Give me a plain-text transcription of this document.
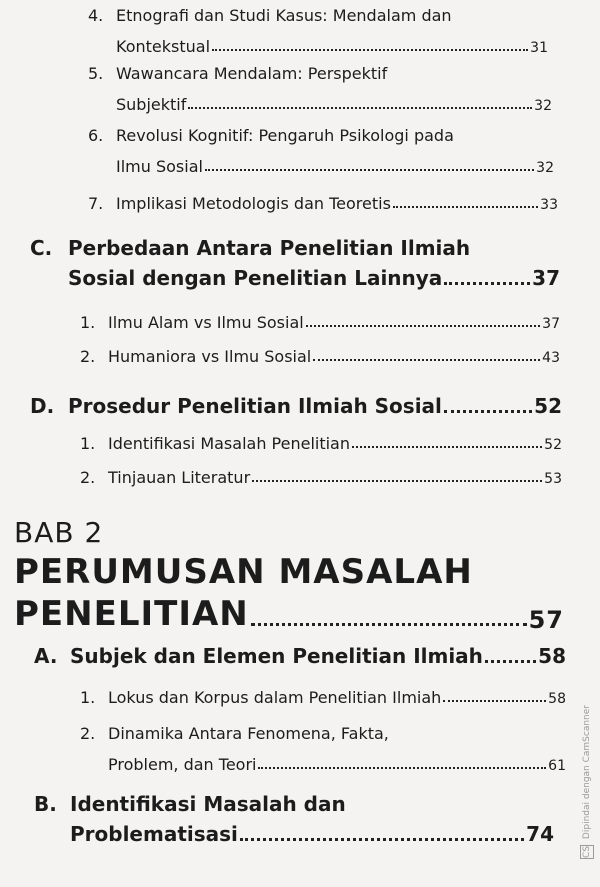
4. Etnografi dan Studi Kasus: Mendalam dan
Kontekstual	31
5. Wawancara Mendalam: Perspektif
Subjektif	32
6. Revolusi Kognitif: Pengaruh Psikologi pada
Ilmu Sosial	32
7. Implikasi Metodologis dan Teoretis	33
C. Perbedaan Antara Penelitian Ilmiah
Sosial dengan Penelitian Lainnya	37
1. Ilmu Alam vs Ilmu Sosial	37
2. Humaniora vs Ilmu Sosial	43
D. Prosedur Penelitian Ilmiah Sosial	52
1. Identifikasi Masalah Penelitian	52
2. Tinjauan Literatur	53
BAB 2
PERUMUSAN MASALAH
PENELITIAN	57
A. Subjek dan Elemen Penelitian Ilmiah	58
1. Lokus dan Korpus dalam Penelitian Ilmiah	58
2. Dinamika Antara Fenomena, Fakta,
Problem, dan Teori	61
B. Identifikasi Masalah dan
Problematisasi	74
CS Dipindai dengan CamScanner
